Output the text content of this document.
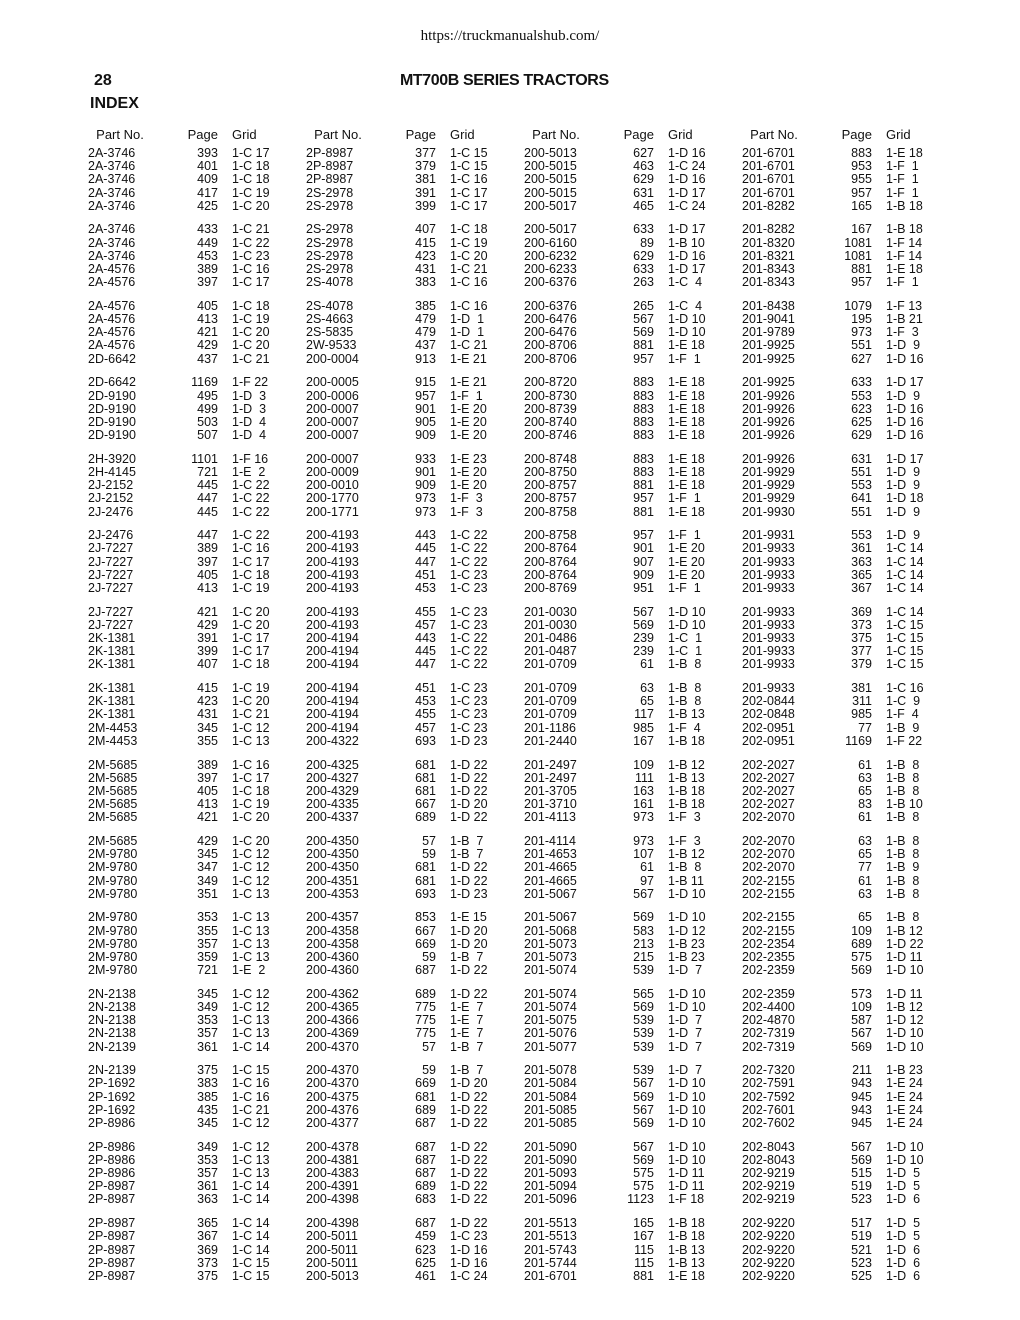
https://truckmanualshub.com/
28	MT700B SERIES TRACTORS
INDEX
Part No.	Page	Grid
2A-3746	393	1-C 17
2A-3746	401	1-C 18
2A-3746	409	1-C 18
2A-3746	417	1-C 19
2A-3746	425	1-C 20
2A-3746	433	1-C 21
2A-3746	449	1-C 22
2A-3746	453	1-C 23
2A-4576	389	1-C 16
2A-4576	397	1-C 17
2A-4576	405	1-C 18
2A-4576	413	1-C 19
2A-4576	421	1-C 20
2A-4576	429	1-C 20
2D-6642	437	1-C 21
2D-6642	1169	1-F 22
2D-9190	495	1-D  3
2D-9190	499	1-D  3
2D-9190	503	1-D  4
2D-9190	507	1-D  4
2H-3920	1101	1-F 16
2H-4145	721	1-E  2
2J-2152	445	1-C 22
2J-2152	447	1-C 22
2J-2476	445	1-C 22
2J-2476	447	1-C 22
2J-7227	389	1-C 16
2J-7227	397	1-C 17
2J-7227	405	1-C 18
2J-7227	413	1-C 19
2J-7227	421	1-C 20
2J-7227	429	1-C 20
2K-1381	391	1-C 17
2K-1381	399	1-C 17
2K-1381	407	1-C 18
2K-1381	415	1-C 19
2K-1381	423	1-C 20
2K-1381	431	1-C 21
2M-4453	345	1-C 12
2M-4453	355	1-C 13
2M-5685	389	1-C 16
2M-5685	397	1-C 17
2M-5685	405	1-C 18
2M-5685	413	1-C 19
2M-5685	421	1-C 20
2M-5685	429	1-C 20
2M-9780	345	1-C 12
2M-9780	347	1-C 12
2M-9780	349	1-C 12
2M-9780	351	1-C 13
2M-9780	353	1-C 13
2M-9780	355	1-C 13
2M-9780	357	1-C 13
2M-9780	359	1-C 13
2M-9780	721	1-E  2
2N-2138	345	1-C 12
2N-2138	349	1-C 12
2N-2138	353	1-C 13
2N-2138	357	1-C 13
2N-2139	361	1-C 14
2N-2139	375	1-C 15
2P-1692	383	1-C 16
2P-1692	385	1-C 16
2P-1692	435	1-C 21
2P-8986	345	1-C 12
2P-8986	349	1-C 12
2P-8986	353	1-C 13
2P-8986	357	1-C 13
2P-8987	361	1-C 14
2P-8987	363	1-C 14
2P-8987	365	1-C 14
2P-8987	367	1-C 14
2P-8987	369	1-C 14
2P-8987	373	1-C 15
2P-8987	375	1-C 15
Part No.	Page	Grid
2P-8987	377	1-C 15
2P-8987	379	1-C 15
2P-8987	381	1-C 16
2S-2978	391	1-C 17
2S-2978	399	1-C 17
2S-2978	407	1-C 18
2S-2978	415	1-C 19
2S-2978	423	1-C 20
2S-2978	431	1-C 21
2S-4078	383	1-C 16
2S-4078	385	1-C 16
2S-4663	479	1-D  1
2S-5835	479	1-D  1
2W-9533	437	1-C 21
200-0004	913	1-E 21
200-0005	915	1-E 21
200-0006	957	1-F  1
200-0007	901	1-E 20
200-0007	905	1-E 20
200-0007	909	1-E 20
200-0007	933	1-E 23
200-0009	901	1-E 20
200-0010	909	1-E 20
200-1770	973	1-F  3
200-1771	973	1-F  3
200-4193	443	1-C 22
200-4193	445	1-C 22
200-4193	447	1-C 22
200-4193	451	1-C 23
200-4193	453	1-C 23
200-4193	455	1-C 23
200-4193	457	1-C 23
200-4194	443	1-C 22
200-4194	445	1-C 22
200-4194	447	1-C 22
200-4194	451	1-C 23
200-4194	453	1-C 23
200-4194	455	1-C 23
200-4194	457	1-C 23
200-4322	693	1-D 23
200-4325	681	1-D 22
200-4327	681	1-D 22
200-4329	681	1-D 22
200-4335	667	1-D 20
200-4337	689	1-D 22
200-4350	57	1-B  7
200-4350	59	1-B  7
200-4350	681	1-D 22
200-4351	681	1-D 22
200-4353	693	1-D 23
200-4357	853	1-E 15
200-4358	667	1-D 20
200-4358	669	1-D 20
200-4360	59	1-B  7
200-4360	687	1-D 22
200-4362	689	1-D 22
200-4365	775	1-E  7
200-4366	775	1-E  7
200-4369	775	1-E  7
200-4370	57	1-B  7
200-4370	59	1-B  7
200-4370	669	1-D 20
200-4375	681	1-D 22
200-4376	689	1-D 22
200-4377	687	1-D 22
200-4378	687	1-D 22
200-4381	687	1-D 22
200-4383	687	1-D 22
200-4391	689	1-D 22
200-4398	683	1-D 22
200-4398	687	1-D 22
200-5011	459	1-C 23
200-5011	623	1-D 16
200-5011	625	1-D 16
200-5013	461	1-C 24
Part No.	Page	Grid
200-5013	627	1-D 16
200-5015	463	1-C 24
200-5015	629	1-D 16
200-5015	631	1-D 17
200-5017	465	1-C 24
200-5017	633	1-D 17
200-6160	89	1-B 10
200-6232	629	1-D 16
200-6233	633	1-D 17
200-6376	263	1-C  4
200-6376	265	1-C  4
200-6476	567	1-D 10
200-6476	569	1-D 10
200-8706	881	1-E 18
200-8706	957	1-F  1
200-8720	883	1-E 18
200-8730	883	1-E 18
200-8739	883	1-E 18
200-8740	883	1-E 18
200-8746	883	1-E 18
200-8748	883	1-E 18
200-8750	883	1-E 18
200-8757	881	1-E 18
200-8757	957	1-F  1
200-8758	881	1-E 18
200-8758	957	1-F  1
200-8764	901	1-E 20
200-8764	907	1-E 20
200-8764	909	1-E 20
200-8769	951	1-F  1
201-0030	567	1-D 10
201-0030	569	1-D 10
201-0486	239	1-C  1
201-0487	239	1-C  1
201-0709	61	1-B  8
201-0709	63	1-B  8
201-0709	65	1-B  8
201-0709	117	1-B 13
201-1186	985	1-F  4
201-2440	167	1-B 18
201-2497	109	1-B 12
201-2497	111	1-B 13
201-3705	163	1-B 18
201-3710	161	1-B 18
201-4113	973	1-F  3
201-4114	973	1-F  3
201-4653	107	1-B 12
201-4665	61	1-B  8
201-4665	97	1-B 11
201-5067	567	1-D 10
201-5067	569	1-D 10
201-5068	583	1-D 12
201-5073	213	1-B 23
201-5073	215	1-B 23
201-5074	539	1-D  7
201-5074	565	1-D 10
201-5074	569	1-D 10
201-5075	539	1-D  7
201-5076	539	1-D  7
201-5077	539	1-D  7
201-5078	539	1-D  7
201-5084	567	1-D 10
201-5084	569	1-D 10
201-5085	567	1-D 10
201-5085	569	1-D 10
201-5090	567	1-D 10
201-5090	569	1-D 10
201-5093	575	1-D 11
201-5094	575	1-D 11
201-5096	1123	1-F 18
201-5513	165	1-B 18
201-5513	167	1-B 18
201-5743	115	1-B 13
201-5744	115	1-B 13
201-6701	881	1-E 18
Part No.	Page	Grid
201-6701	883	1-E 18
201-6701	953	1-F  1
201-6701	955	1-F  1
201-6701	957	1-F  1
201-8282	165	1-B 18
201-8282	167	1-B 18
201-8320	1081	1-F 14
201-8321	1081	1-F 14
201-8343	881	1-E 18
201-8343	957	1-F  1
201-8438	1079	1-F 13
201-9041	195	1-B 21
201-9789	973	1-F  3
201-9925	551	1-D  9
201-9925	627	1-D 16
201-9925	633	1-D 17
201-9926	553	1-D  9
201-9926	623	1-D 16
201-9926	625	1-D 16
201-9926	629	1-D 16
201-9926	631	1-D 17
201-9929	551	1-D  9
201-9929	553	1-D  9
201-9929	641	1-D 18
201-9930	551	1-D  9
201-9931	553	1-D  9
201-9933	361	1-C 14
201-9933	363	1-C 14
201-9933	365	1-C 14
201-9933	367	1-C 14
201-9933	369	1-C 14
201-9933	373	1-C 15
201-9933	375	1-C 15
201-9933	377	1-C 15
201-9933	379	1-C 15
201-9933	381	1-C 16
202-0844	311	1-C  9
202-0848	985	1-F  4
202-0951	77	1-B  9
202-0951	1169	1-F 22
202-2027	61	1-B  8
202-2027	63	1-B  8
202-2027	65	1-B  8
202-2027	83	1-B 10
202-2070	61	1-B  8
202-2070	63	1-B  8
202-2070	65	1-B  8
202-2070	77	1-B  9
202-2155	61	1-B  8
202-2155	63	1-B  8
202-2155	65	1-B  8
202-2155	109	1-B 12
202-2354	689	1-D 22
202-2355	575	1-D 11
202-2359	569	1-D 10
202-2359	573	1-D 11
202-4400	109	1-B 12
202-4870	587	1-D 12
202-7319	567	1-D 10
202-7319	569	1-D 10
202-7320	211	1-B 23
202-7591	943	1-E 24
202-7592	945	1-E 24
202-7601	943	1-E 24
202-7602	945	1-E 24
202-8043	567	1-D 10
202-8043	569	1-D 10
202-9219	515	1-D  5
202-9219	519	1-D  5
202-9219	523	1-D  6
202-9220	517	1-D  5
202-9220	519	1-D  5
202-9220	521	1-D  6
202-9220	523	1-D  6
202-9220	525	1-D  6
